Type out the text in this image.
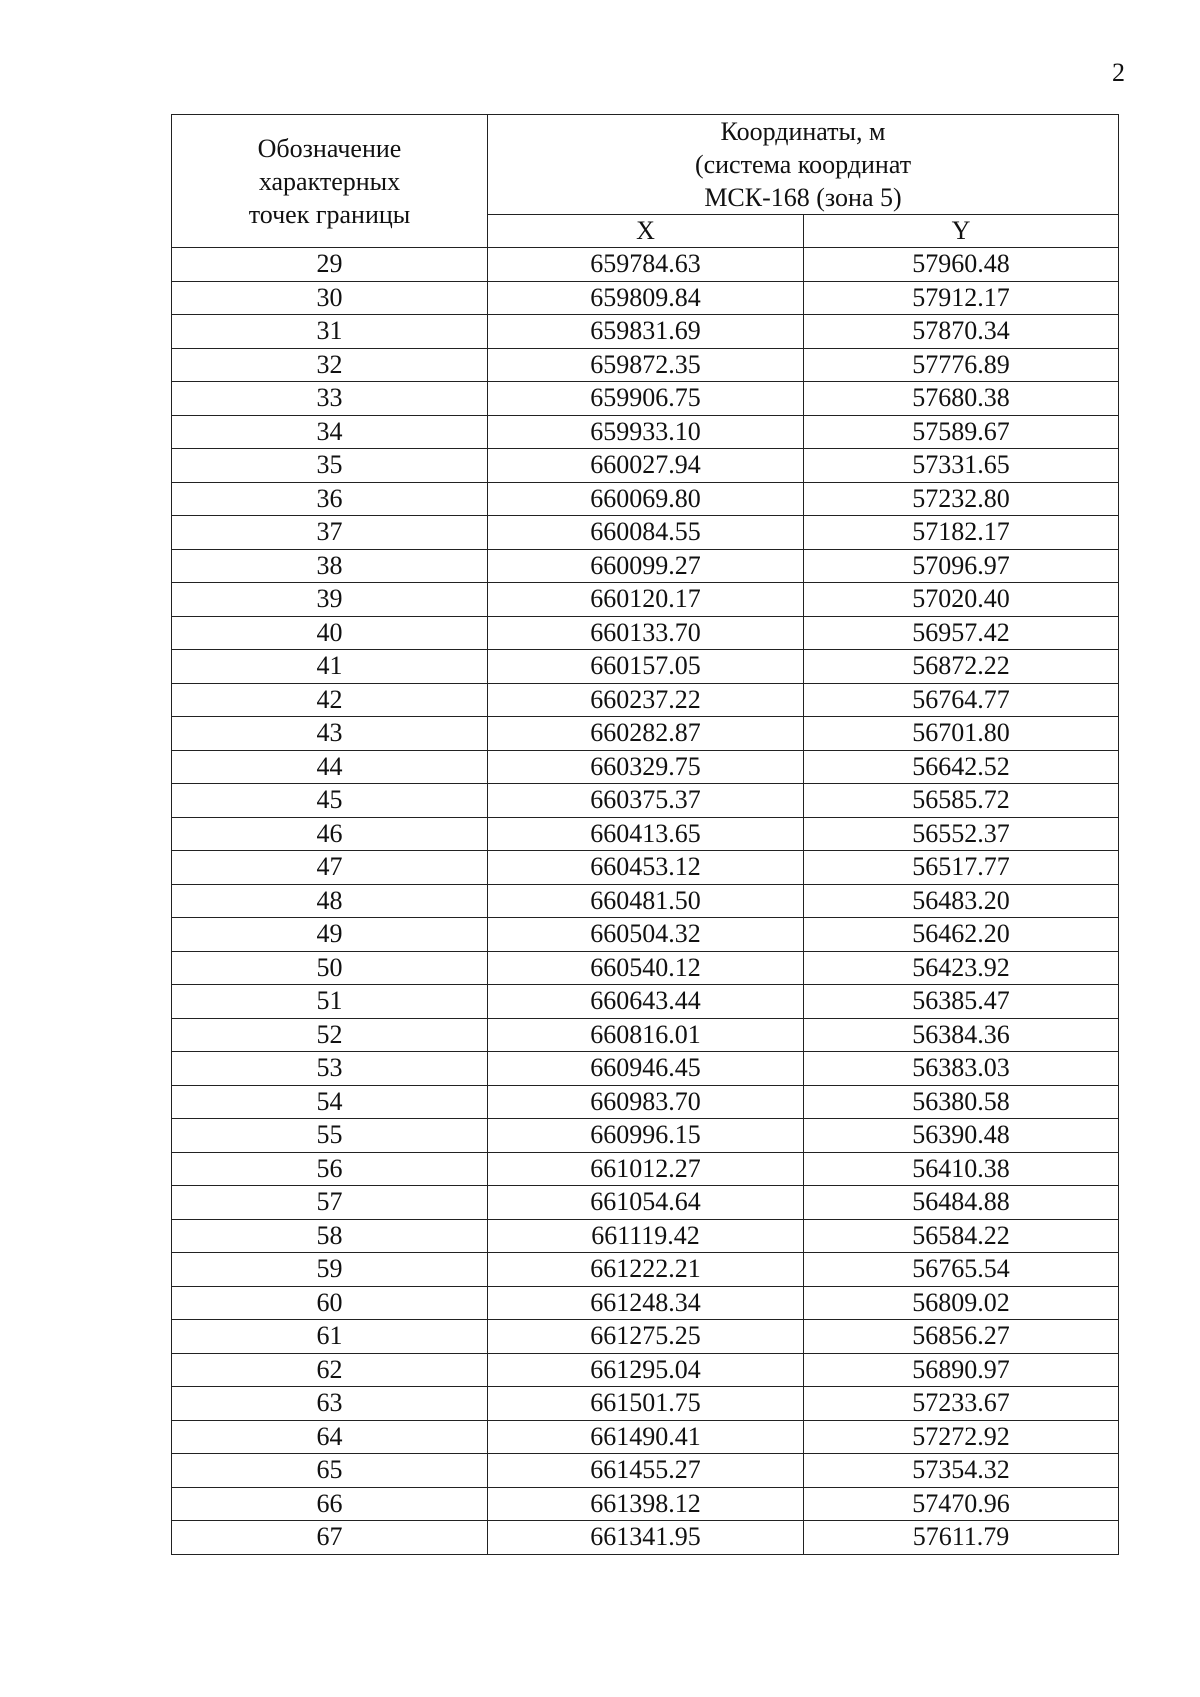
2
Обозначение
характерных
точек границы	Координаты, м
(система координат
МСК-168 (зона 5)	

	X	Y
29	659784.63	57960.48
30	659809.84	57912.17
31	659831.69	57870.34
32	659872.35	57776.89
33	659906.75	57680.38
34	659933.10	57589.67
35	660027.94	57331.65
36	660069.80	57232.80
37	660084.55	57182.17
38	660099.27	57096.97
39	660120.17	57020.40
40	660133.70	56957.42
41	660157.05	56872.22
42	660237.22	56764.77
43	660282.87	56701.80
44	660329.75	56642.52
45	660375.37	56585.72
46	660413.65	56552.37
47	660453.12	56517.77
48	660481.50	56483.20
49	660504.32	56462.20
50	660540.12	56423.92
51	660643.44	56385.47
52	660816.01	56384.36
53	660946.45	56383.03
54	660983.70	56380.58
55	660996.15	56390.48
56	661012.27	56410.38
57	661054.64	56484.88
58	661119.42	56584.22
59	661222.21	56765.54
60	661248.34	56809.02
61	661275.25	56856.27
62	661295.04	56890.97
63	661501.75	57233.67
64	661490.41	57272.92
65	661455.27	57354.32
66	661398.12	57470.96
67	661341.95	57611.79
